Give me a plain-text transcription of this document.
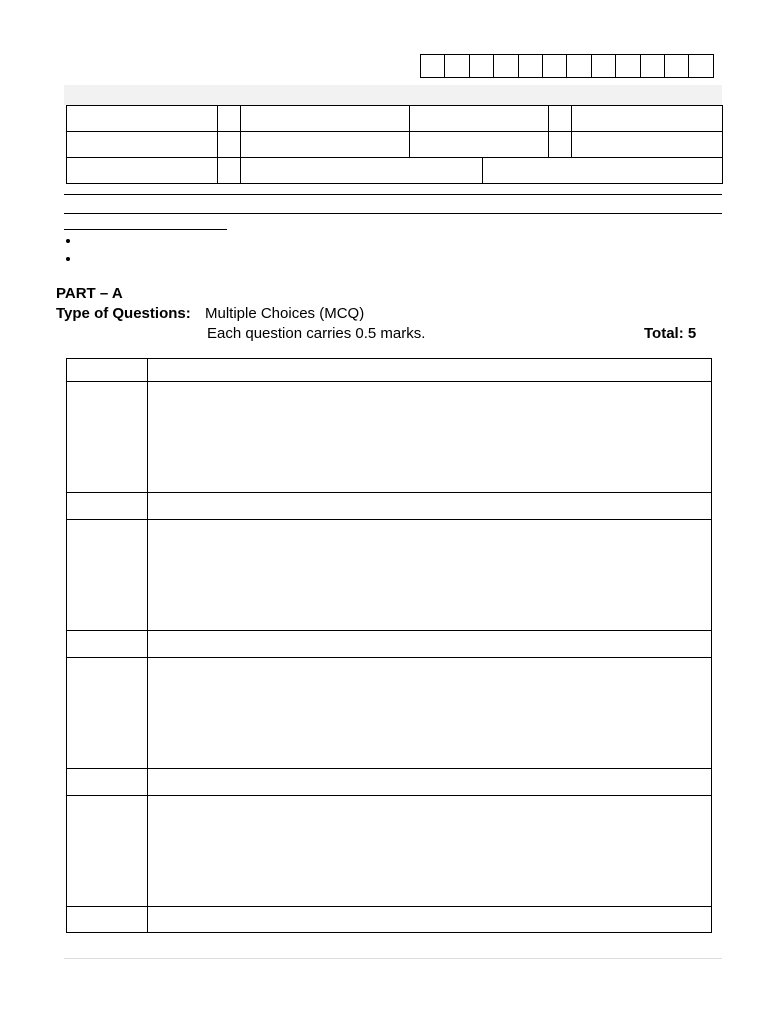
PART – A
Type of Questions: Multiple Choices (MCQ)
Each question carries 0.5 marks.	Total: 5
